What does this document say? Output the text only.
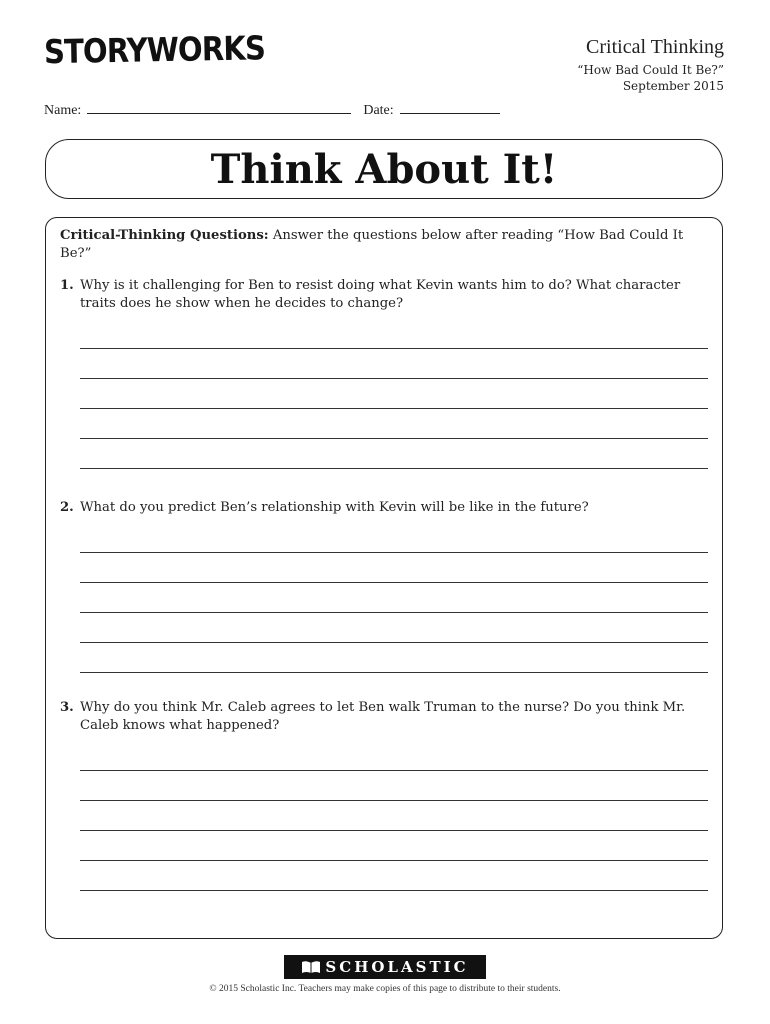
STORYWORKS	Critical Thinking
“How Bad Could It Be?”
September 2015
Name:	Date:
Think About It!

Critical-Thinking Questions: Answer the questions below after reading “How Bad Could It Be?”

1. Why is it challenging for Ben to resist doing what Kevin wants him to do? What character traits does he show when he decides to change?
2. What do you predict Ben’s relationship with Kevin will be like in the future?
3. Why do you think Mr. Caleb agrees to let Ben walk Truman to the nurse? Do you think Mr. Caleb knows what happened?
SCHOLASTIC
© 2015 Scholastic Inc. Teachers may make copies of this page to distribute to their students.
